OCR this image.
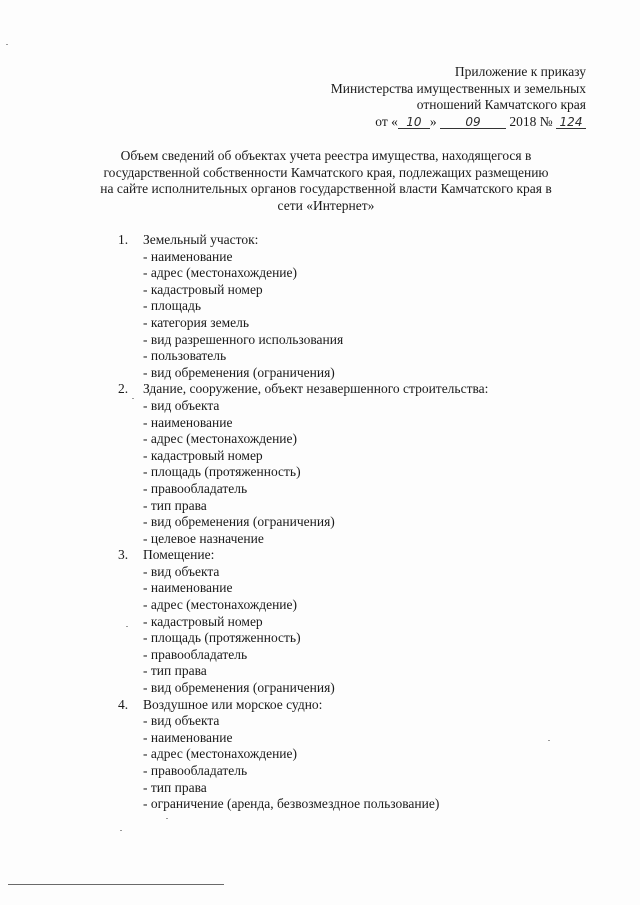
Приложение к приказу
Министерства имущественных и земельных
отношений Камчатского края
от « 10 » 09 2018 № 124
Объем сведений об объектах учета реестра имущества, находящегося в государственной собственности Камчатского края, подлежащих размещению на сайте исполнительных органов государственной власти Камчатского края в сети «Интернет»
1. Земельный участок:
- наименование
- адрес (местонахождение)
- кадастровый номер
- площадь
- категория земель
- вид разрешенного использования
- пользователь
- вид обременения (ограничения)
2. Здание, сооружение, объект незавершенного строительства:
- вид объекта
- наименование
- адрес (местонахождение)
- кадастровый номер
- площадь (протяженность)
- правообладатель
- тип права
- вид обременения (ограничения)
- целевое назначение
3. Помещение:
- вид объекта
- наименование
- адрес (местонахождение)
- кадастровый номер
- площадь (протяженность)
- правообладатель
- тип права
- вид обременения (ограничения)
4. Воздушное или морское судно:
- вид объекта
- наименование
- адрес (местонахождение)
- правообладатель
- тип права
- ограничение (аренда, безвозмездное пользование)
